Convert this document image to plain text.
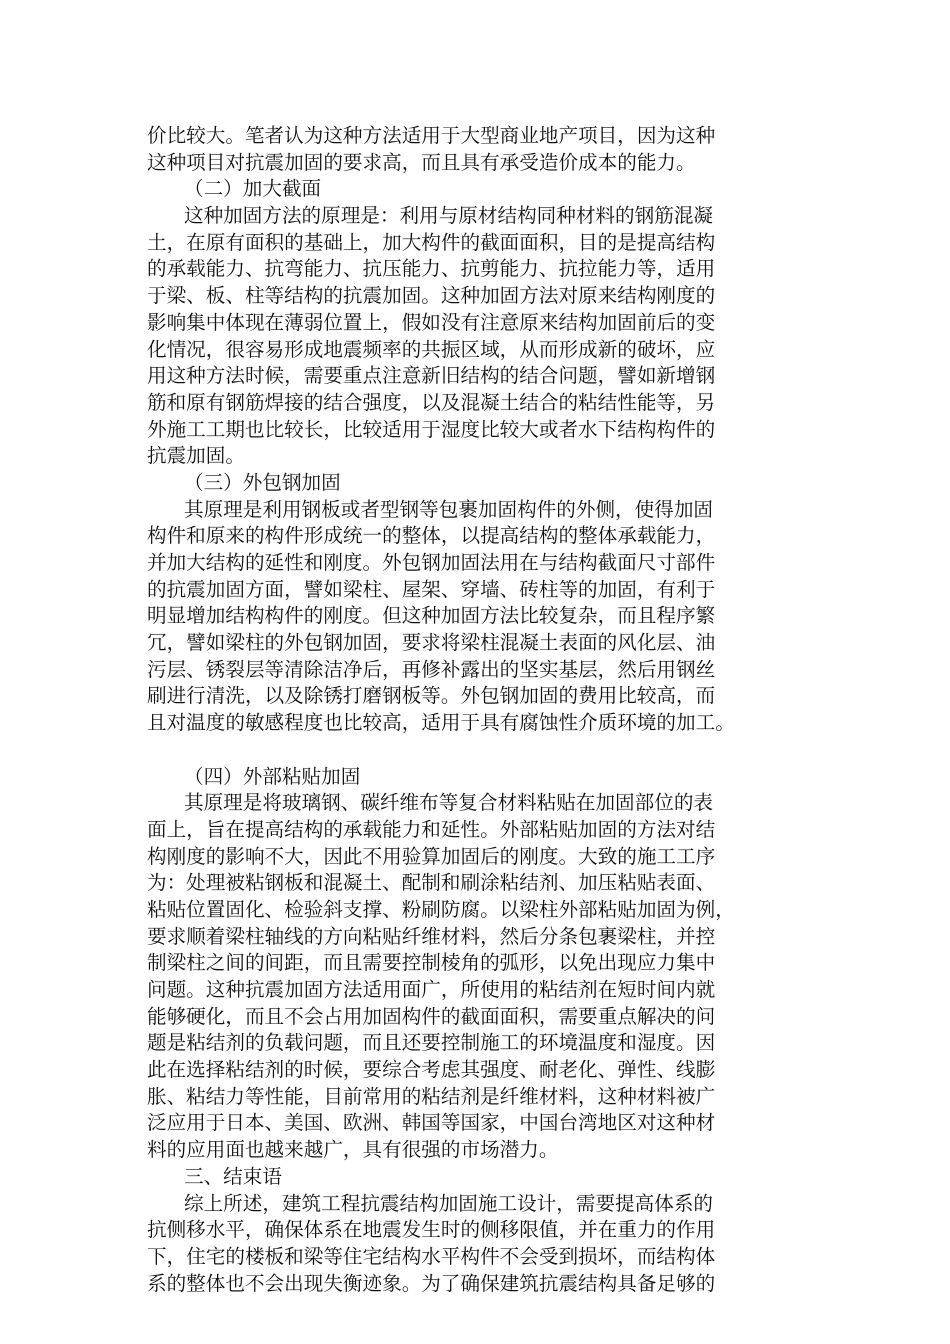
价比较大。笔者认为这种方法适用于大型商业地产项目，因为这种
这种项目对抗震加固的要求高，而且具有承受造价成本的能力。
（二）加大截面
这种加固方法的原理是：利用与原材结构同种材料的钢筋混凝
土，在原有面积的基础上，加大构件的截面面积，目的是提高结构
的承载能力、抗弯能力、抗压能力、抗剪能力、抗拉能力等，适用
于梁、板、柱等结构的抗震加固。这种加固方法对原来结构刚度的
影响集中体现在薄弱位置上，假如没有注意原来结构加固前后的变
化情况，很容易形成地震频率的共振区域，从而形成新的破坏，应
用这种方法时候，需要重点注意新旧结构的结合问题，譬如新增钢
筋和原有钢筋焊接的结合强度，以及混凝土结合的粘结性能等，另
外施工工期也比较长，比较适用于湿度比较大或者水下结构构件的
抗震加固。
（三）外包钢加固
其原理是利用钢板或者型钢等包裹加固构件的外侧，使得加固
构件和原来的构件形成统一的整体，以提高结构的整体承载能力，
并加大结构的延性和刚度。外包钢加固法用在与结构截面尺寸部件
的抗震加固方面，譬如梁柱、屋架、穿墙、砖柱等的加固，有利于
明显增加结构构件的刚度。但这种加固方法比较复杂，而且程序繁
冗，譬如梁柱的外包钢加固，要求将梁柱混凝土表面的风化层、油
污层、锈裂层等清除洁净后，再修补露出的坚实基层，然后用钢丝
刷进行清洗，以及除锈打磨钢板等。外包钢加固的费用比较高，而
且对温度的敏感程度也比较高，适用于具有腐蚀性介质环境的加工。
（四）外部粘贴加固
其原理是将玻璃钢、碳纤维布等复合材料粘贴在加固部位的表
面上，旨在提高结构的承载能力和延性。外部粘贴加固的方法对结
构刚度的影响不大，因此不用验算加固后的刚度。大致的施工工序
为：处理被粘钢板和混凝土、配制和刷涂粘结剂、加压粘贴表面、
粘贴位置固化、检验斜支撑、粉刷防腐。以梁柱外部粘贴加固为例，
要求顺着梁柱轴线的方向粘贴纤维材料，然后分条包裹梁柱，并控
制梁柱之间的间距，而且需要控制棱角的弧形，以免出现应力集中
问题。这种抗震加固方法适用面广，所使用的粘结剂在短时间内就
能够硬化，而且不会占用加固构件的截面面积，需要重点解决的问
题是粘结剂的负载问题，而且还要控制施工的环境温度和湿度。因
此在选择粘结剂的时候，要综合考虑其强度、耐老化、弹性、线膨
胀、粘结力等性能，目前常用的粘结剂是纤维材料，这种材料被广
泛应用于日本、美国、欧洲、韩国等国家，中国台湾地区对这种材
料的应用面也越来越广，具有很强的市场潜力。
三、结束语
综上所述，建筑工程抗震结构加固施工设计，需要提高体系的
抗侧移水平，确保体系在地震发生时的侧移限值，并在重力的作用
下，住宅的楼板和梁等住宅结构水平构件不会受到损坏，而结构体
系的整体也不会出现失衡迹象。为了确保建筑抗震结构具备足够的
